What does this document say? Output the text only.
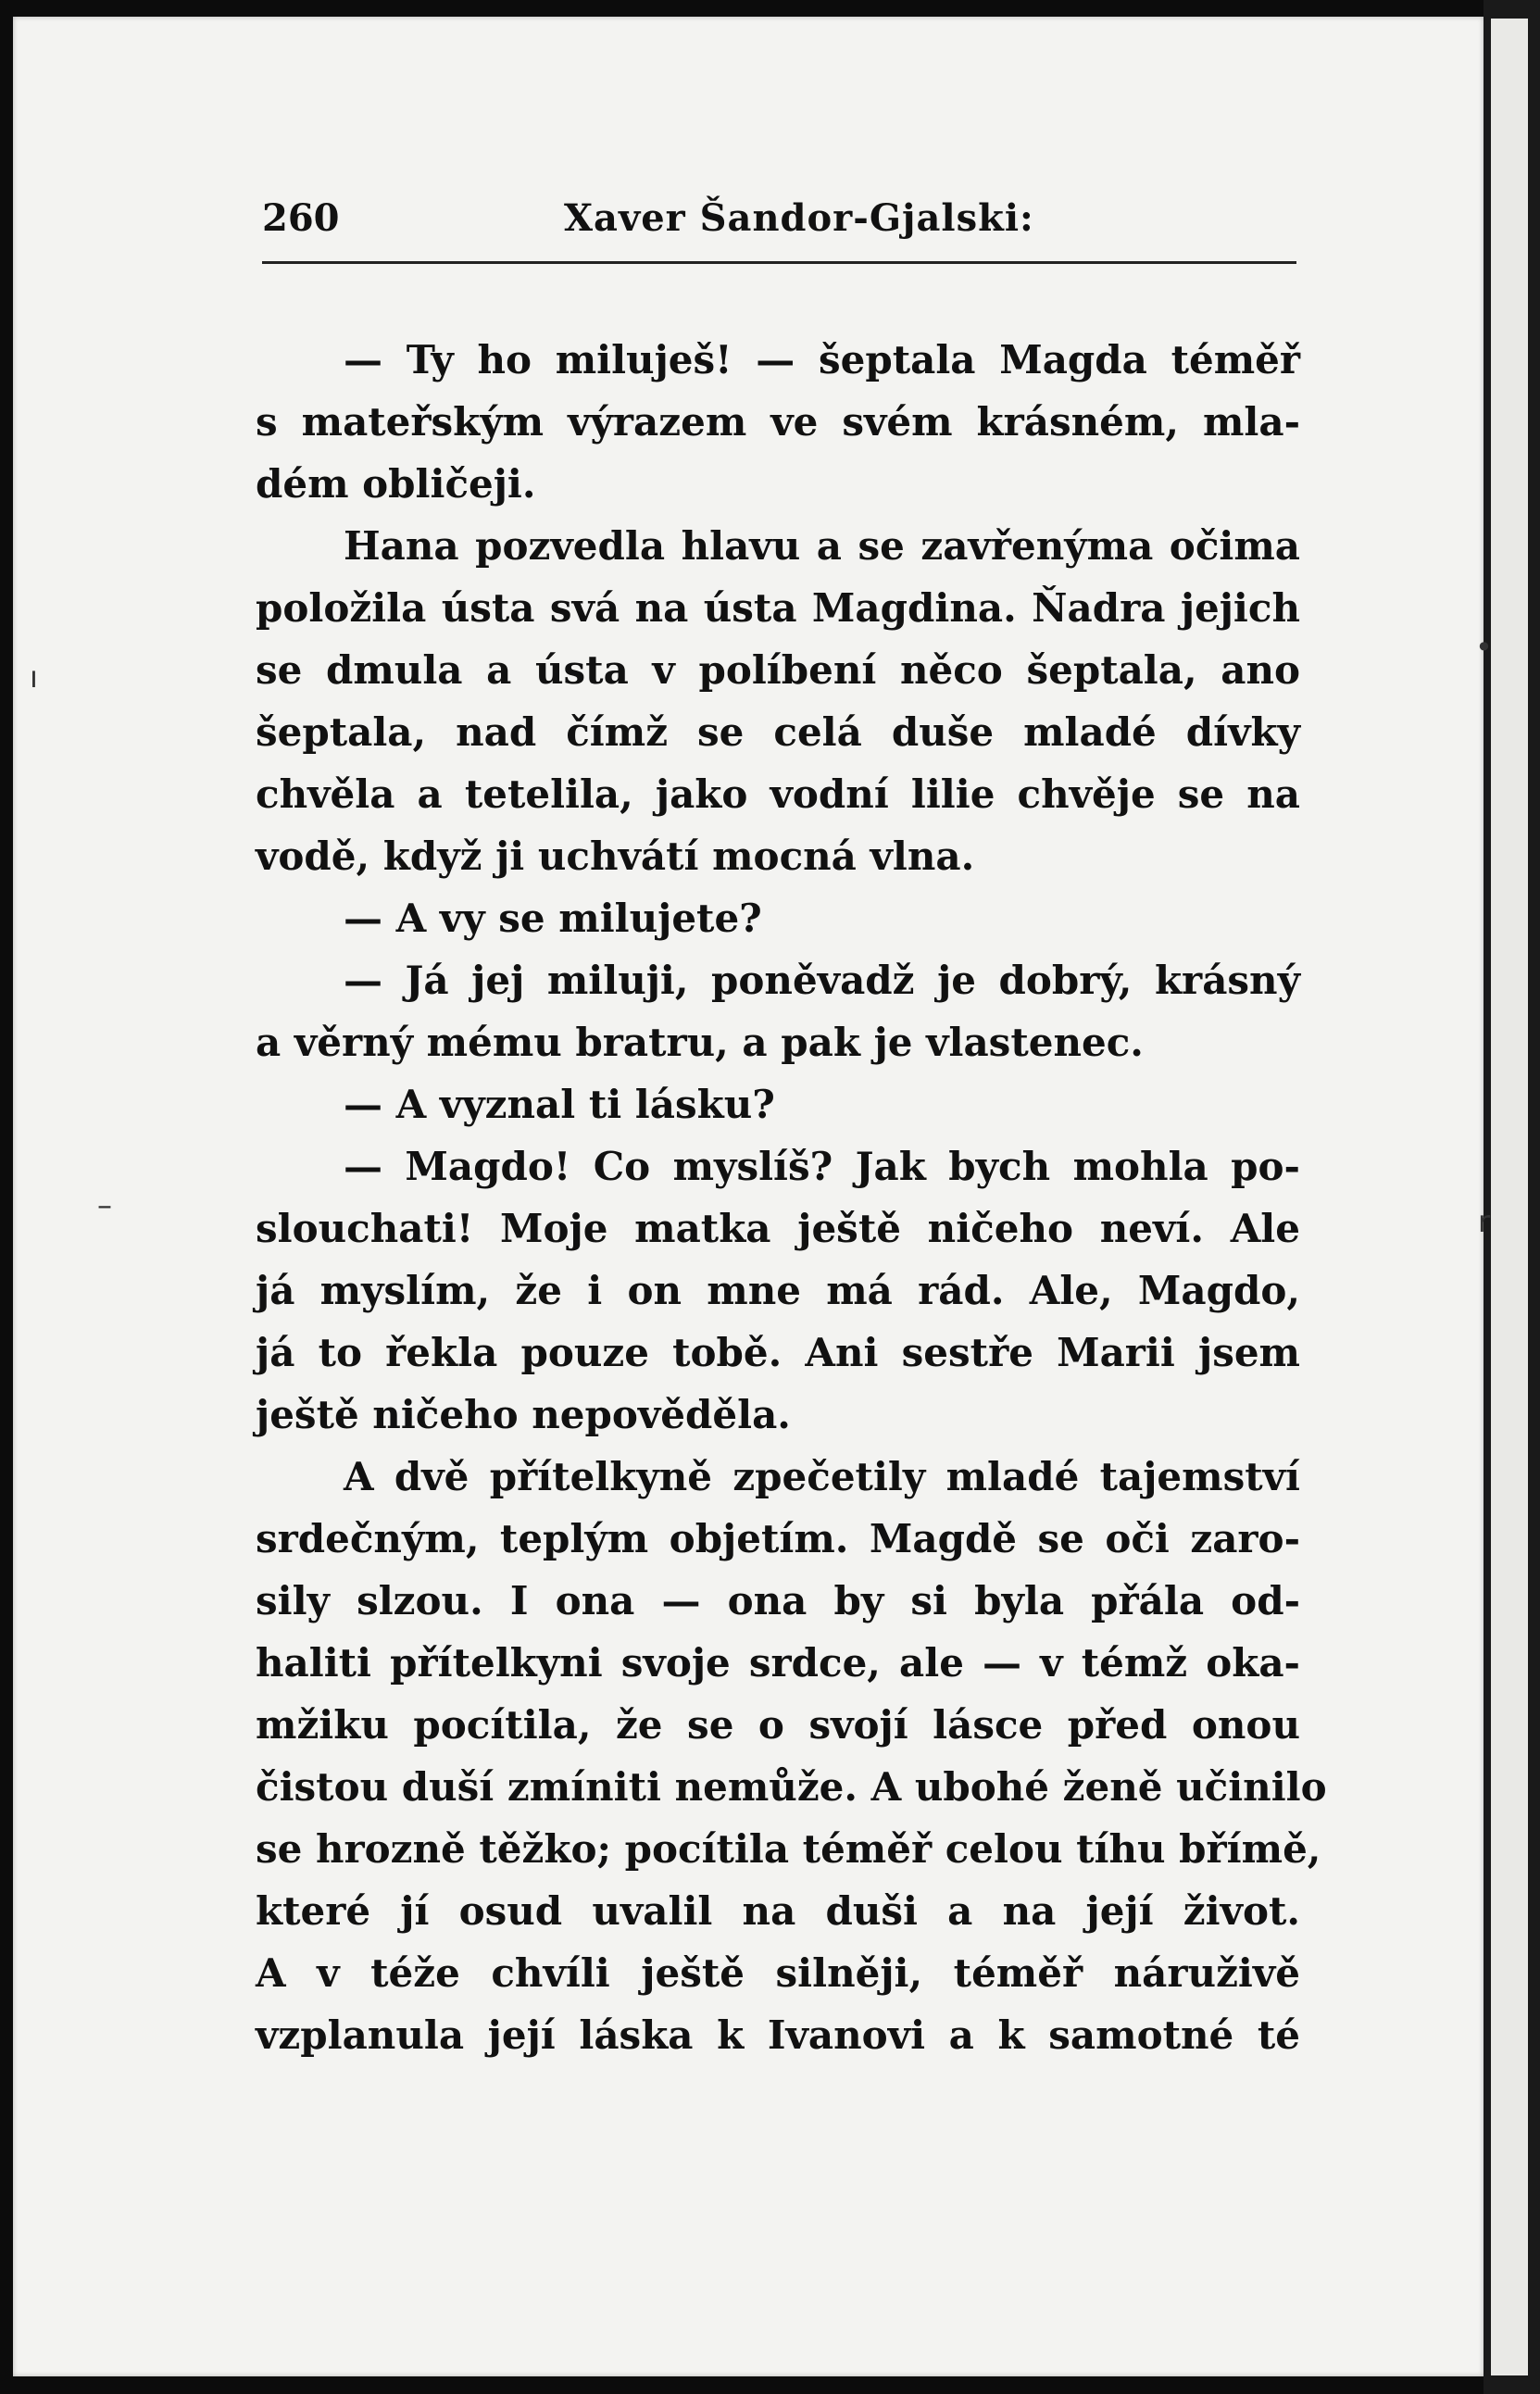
260	Xaver Šandor-Gjalski:
— Ty ho miluješ! — šeptala Magda téměř
s mateřským výrazem ve svém krásném, mla-
dém obličeji.
Hana pozvedla hlavu a se zavřenýma očima
položila ústa svá na ústa Magdina. Ňadra jejich
se dmula a ústa v políbení něco šeptala, ano
šeptala, nad čímž se celá duše mladé dívky
chvěla a tetelila, jako vodní lilie chvěje se na
vodě, když ji uchvátí mocná vlna.
— A vy se milujete?
— Já jej miluji, poněvadž je dobrý, krásný
a věrný mému bratru, a pak je vlastenec.
— A vyznal ti lásku?
— Magdo! Co myslíš? Jak bych mohla po-
slouchati! Moje matka ještě ničeho neví. Ale
já myslím, že i on mne má rád. Ale, Magdo,
já to řekla pouze tobě. Ani sestře Marii jsem
ještě ničeho nepověděla.
A dvě přítelkyně zpečetily mladé tajemství
srdečným, teplým objetím. Magdě se oči zaro-
sily slzou. I ona — ona by si byla přála od-
haliti přítelkyni svoje srdce, ale — v témž oka-
mžiku pocítila, že se o svojí lásce před onou
čistou duší zmíniti nemůže. A ubohé ženě učinilo
se hrozně těžko; pocítila téměř celou tíhu břímě,
které jí osud uvalil na duši a na její život.
A v téže chvíli ještě silněji, téměř náruživě
vzplanula její láska k Ivanovi a k samotné té
ı
–
•
r
